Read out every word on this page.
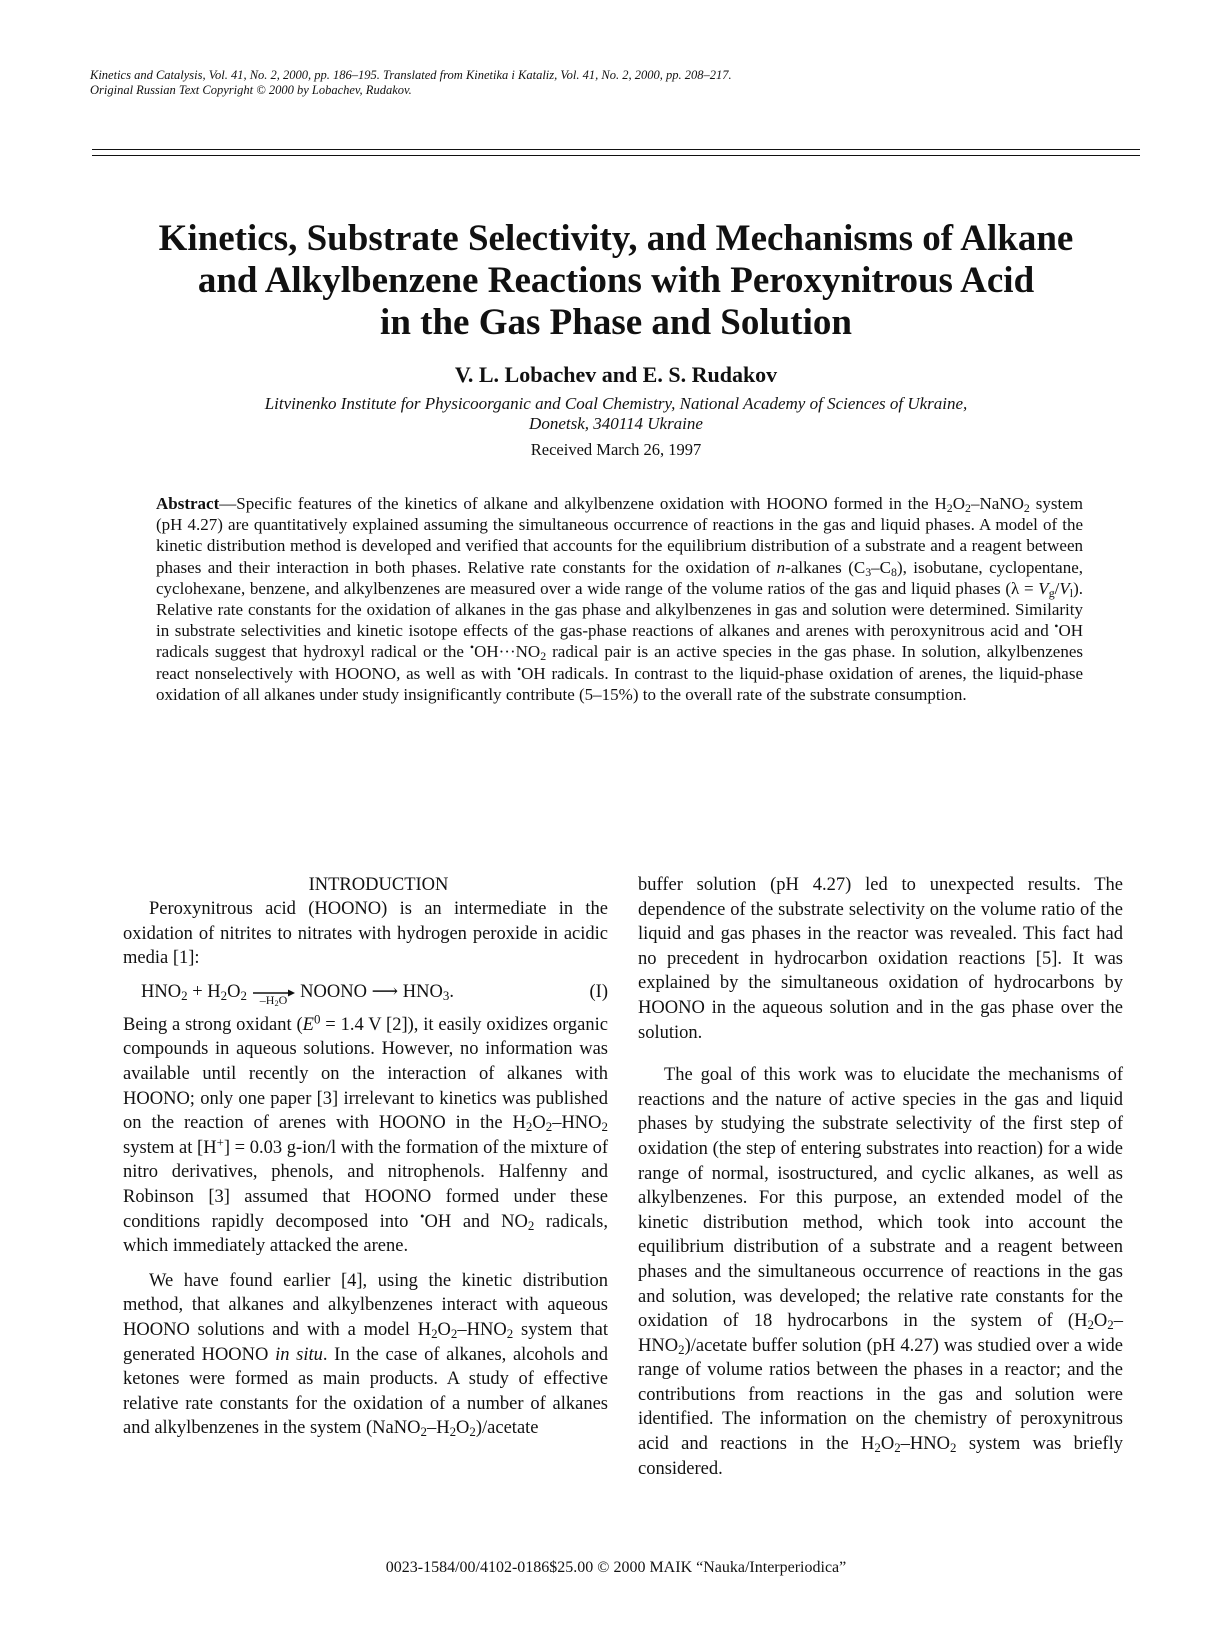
Kinetics and Catalysis, Vol. 41, No. 2, 2000, pp. 186–195. Translated from Kinetika i Kataliz, Vol. 41, No. 2, 2000, pp. 208–217.
Original Russian Text Copyright © 2000 by Lobachev, Rudakov.
Kinetics, Substrate Selectivity, and Mechanisms of Alkane
and Alkylbenzene Reactions with Peroxynitrous Acid
in the Gas Phase and Solution
V. L. Lobachev and E. S. Rudakov
Litvinenko Institute for Physicoorganic and Coal Chemistry, National Academy of Sciences of Ukraine,
Donetsk, 340114 Ukraine
Received March 26, 1997
Abstract—Specific features of the kinetics of alkane and alkylbenzene oxidation with HOONO formed in the $H_2O_2-NaNO_2$ system (pH 4.27) are quantitatively explained assuming the simultaneous occurrence of reactions in the gas and liquid phases. A model of the kinetic distribution method is developed and verified that accounts for the equilibrium distribution of a substrate and a reagent between phases and their interaction in both phases. Relative rate constants for the oxidation of n-alkanes $(C_3-C_8)$, isobutane, cyclopentane, cyclohexane, benzene, and alkylbenzenes are measured over a wide range of the volume ratios of the gas and liquid phases $(\lambda = V_g/V_l)$. Relative rate constants for the oxidation of alkanes in the gas phase and alkylbenzenes in gas and solution were determined. Similarity in substrate selectivities and kinetic isotope effects of the gas-phase reactions of alkanes and arenes with peroxynitrous acid and •OH radicals suggest that hydroxyl radical or the $^•OH\cdot\cdot\cdot NO_2$ radical pair is an active species in the gas phase. In solution, alkylbenzenes react nonselectively with HOONO, as well as with •OH radicals. In contrast to the liquid-phase oxidation of arenes, the liquid-phase oxidation of all alkanes under study insignificantly contribute (5–15%) to the overall rate of the substrate consumption.

INTRODUCTION

Peroxynitrous acid (HOONO) is an intermediate in the oxidation of nitrites to nitrates with hydrogen peroxide in acidic media [1]:

$HNO_2 + H_2O_2$	$-H_2O$ NOONO ⟶ $HNO_3$.	(I)

Being a strong oxidant ($E^0 = 1.4$ V [2]), it easily oxidizes organic compounds in aqueous solutions. However, no information was available until recently on the interaction of alkanes with HOONO; only one paper [3] irrelevant to kinetics was published on the reaction of arenes with HOONO in the $H_2O_2-HNO_2$ system at [H+] = 0.03 g-ion/l with the formation of the mixture of nitro derivatives, phenols, and nitrophenols. Halfenny and Robinson [3] assumed that HOONO formed under these conditions rapidly decomposed into •OH and $NO_2$ radicals, which immediately attacked the arene.

We have found earlier [4], using the kinetic distribution method, that alkanes and alkylbenzenes interact with aqueous HOONO solutions and with a model $H_2O_2-HNO_2$ system that generated HOONO in situ. In the case of alkanes, alcohols and ketones were formed as main products. A study of effective relative rate constants for the oxidation of a number of alkanes and alkylbenzenes in the system $(NaNO_2-H_2O_2)$/acetate

buffer solution (pH 4.27) led to unexpected results. The dependence of the substrate selectivity on the volume ratio of the liquid and gas phases in the reactor was revealed. This fact had no precedent in hydrocarbon oxidation reactions [5]. It was explained by the simultaneous oxidation of hydrocarbons by HOONO in the aqueous solution and in the gas phase over the solution.

The goal of this work was to elucidate the mechanisms of reactions and the nature of active species in the gas and liquid phases by studying the substrate selectivity of the first step of oxidation (the step of entering substrates into reaction) for a wide range of normal, isostructured, and cyclic alkanes, as well as alkylbenzenes. For this purpose, an extended model of the kinetic distribution method, which took into account the equilibrium distribution of a substrate and a reagent between phases and the simultaneous occurrence of reactions in the gas and solution, was developed; the relative rate constants for the oxidation of 18 hydrocarbons in the system of $(H_2O_2-HNO_2)$/acetate buffer solution (pH 4.27) was studied over a wide range of volume ratios between the phases in a reactor; and the contributions from reactions in the gas and solution were identified. The information on the chemistry of peroxynitrous acid and reactions in the $H_2O_2-HNO_2$ system was briefly considered.

0023-1584/00/4102-0186$25.00 © 2000 MAIK “Nauka/Interperiodica”
